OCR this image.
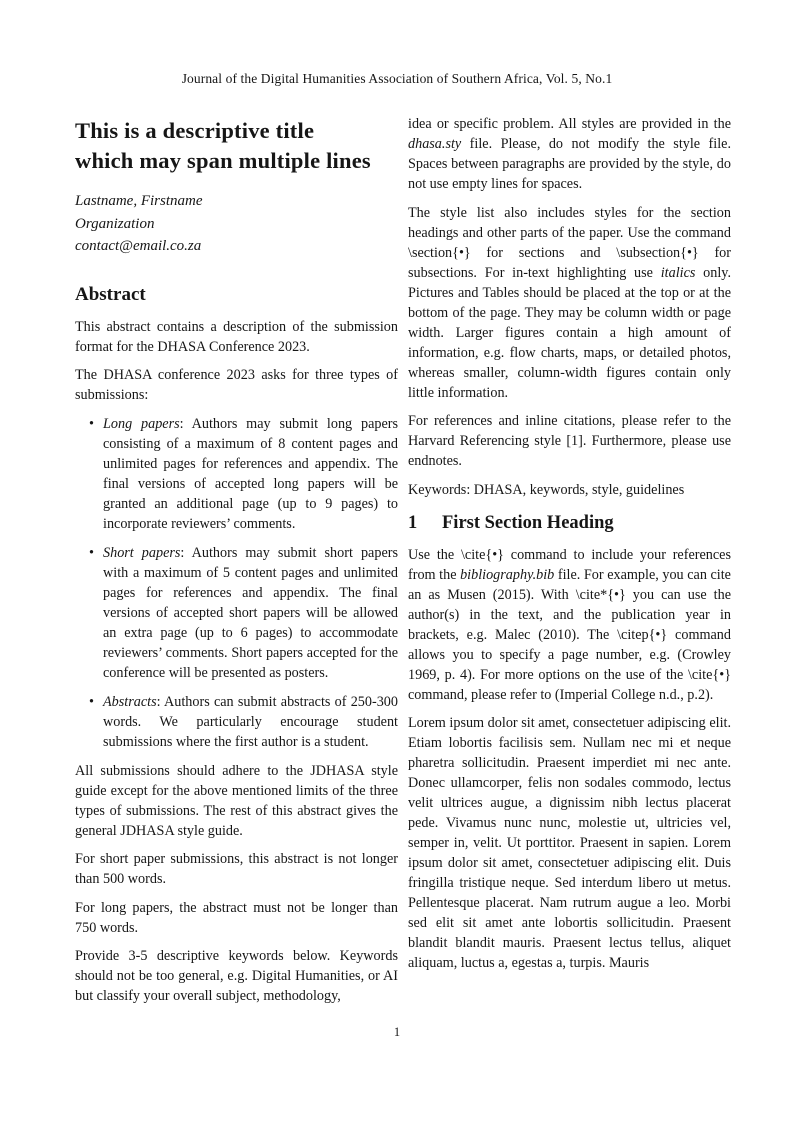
Journal of the Digital Humanities Association of Southern Africa, Vol. 5, No.1
This is a descriptive title
which may span multiple lines
Lastname, Firstname
Organization
contact@email.co.za
Abstract

This abstract contains a description of the submission format for the DHASA Conference 2023.

The DHASA conference 2023 asks for three types of submissions:

• Long papers: Authors may submit long papers consisting of a maximum of 8 content pages and unlimited pages for references and appendix. The final versions of accepted long papers will be granted an additional page (up to 9 pages) to incorporate reviewers’ comments.
• Short papers: Authors may submit short papers with a maximum of 5 content pages and unlimited pages for references and appendix. The final versions of accepted short papers will be allowed an extra page (up to 6 pages) to accommodate reviewers’ comments. Short papers accepted for the conference will be presented as posters.
• Abstracts: Authors can submit abstracts of 250-300 words. We particularly encourage student submissions where the first author is a student.

All submissions should adhere to the JDHASA style guide except for the above mentioned limits of the three types of submissions. The rest of this abstract gives the general JDHASA style guide.

For short paper submissions, this abstract is not longer than 500 words.

For long papers, the abstract must not be longer than 750 words.

Provide 3-5 descriptive keywords below. Keywords should not be too general, e.g. Digital Humanities, or AI but classify your overall subject, methodology,

idea or specific problem. All styles are provided in the dhasa.sty file. Please, do not modify the style file. Spaces between paragraphs are provided by the style, do not use empty lines for spaces.

The style list also includes styles for the section headings and other parts of the paper. Use the command \section{•} for sections and \subsection{•} for subsections. For in-text highlighting use italics only. Pictures and Tables should be placed at the top or at the bottom of the page. They may be column width or page width. Larger figures contain a high amount of information, e.g. flow charts, maps, or detailed photos, whereas smaller, column-width figures contain only little information.

For references and inline citations, please refer to the Harvard Referencing style [1]. Furthermore, please use endnotes.

Keywords: DHASA, keywords, style, guidelines

1	First Section Heading

Use the \cite{•} command to include your references from the bibliography.bib file. For example, you can cite an as Musen (2015). With \cite*{•} you can use the author(s) in the text, and the publication year in brackets, e.g. Malec (2010). The \citep{•} command allows you to specify a page number, e.g. (Crowley 1969, p. 4). For more options on the use of the \cite{•} command, please refer to (Imperial College n.d., p.2).

Lorem ipsum dolor sit amet, consectetuer adipiscing elit. Etiam lobortis facilisis sem. Nullam nec mi et neque pharetra sollicitudin. Praesent imperdiet mi nec ante. Donec ullamcorper, felis non sodales commodo, lectus velit ultrices augue, a dignissim nibh lectus placerat pede. Vivamus nunc nunc, molestie ut, ultricies vel, semper in, velit. Ut porttitor. Praesent in sapien. Lorem ipsum dolor sit amet, consectetuer adipiscing elit. Duis fringilla tristique neque. Sed interdum libero ut metus. Pellentesque placerat. Nam rutrum augue a leo. Morbi sed elit sit amet ante lobortis sollicitudin. Praesent blandit blandit mauris. Praesent lectus tellus, aliquet aliquam, luctus a, egestas a, turpis. Mauris

1
